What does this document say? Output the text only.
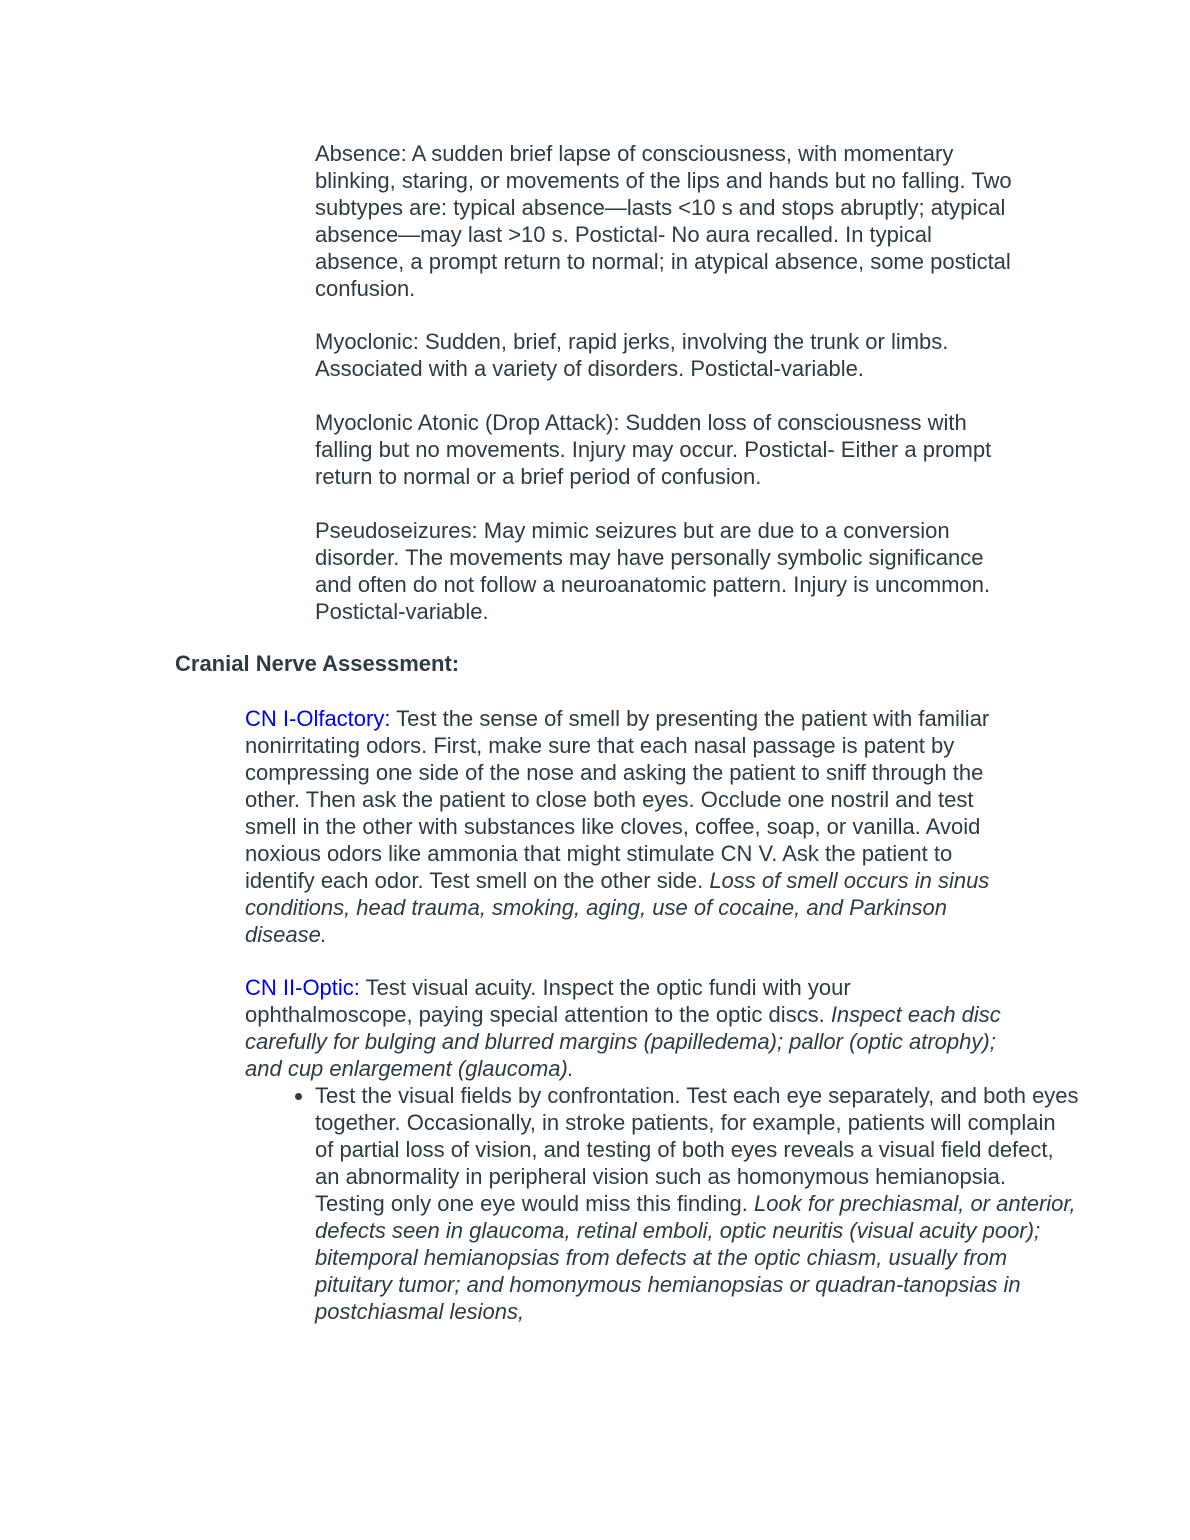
Absence: A sudden brief lapse of consciousness, with momentary blinking, staring, or movements of the lips and hands but no falling. Two subtypes are: typical absence—lasts <10 s and stops abruptly; atypical absence—may last >10 s. Postictal- No aura recalled. In typical absence, a prompt return to normal; in atypical absence, some postictal confusion.

Myoclonic: Sudden, brief, rapid jerks, involving the trunk or limbs. Associated with a variety of disorders. Postictal-variable.

Myoclonic Atonic (Drop Attack): Sudden loss of consciousness with falling but no movements. Injury may occur. Postictal- Either a prompt return to normal or a brief period of confusion.

Pseudoseizures: May mimic seizures but are due to a conversion disorder. The movements may have personally symbolic significance and often do not follow a neuroanatomic pattern. Injury is uncommon. Postictal-variable.

Cranial Nerve Assessment:

CN I-Olfactory: Test the sense of smell by presenting the patient with familiar nonirritating odors. First, make sure that each nasal passage is patent by compressing one side of the nose and asking the patient to sniff through the other. Then ask the patient to close both eyes. Occlude one nostril and test smell in the other with substances like cloves, coffee, soap, or vanilla. Avoid noxious odors like ammonia that might stimulate CN V. Ask the patient to identify each odor. Test smell on the other side. Loss of smell occurs in sinus conditions, head trauma, smoking, aging, use of cocaine, and Parkinson disease.

CN II-Optic: Test visual acuity. Inspect the optic fundi with your ophthalmoscope, paying special attention to the optic discs. Inspect each disc carefully for bulging and blurred margins (papilledema); pallor (optic atrophy); and cup enlargement (glaucoma).

• Test the visual fields by confrontation. Test each eye separately, and both eyes together. Occasionally, in stroke patients, for example, patients will complain of partial loss of vision, and testing of both eyes reveals a visual field defect, an abnormality in peripheral vision such as homonymous hemianopsia. Testing only one eye would miss this finding. Look for prechiasmal, or anterior, defects seen in glaucoma, retinal emboli, optic neuritis (visual acuity poor); bitemporal hemianopsias from defects at the optic chiasm, usually from pituitary tumor; and homonymous hemianopsias or quadran-tanopsias in postchiasmal lesions,
